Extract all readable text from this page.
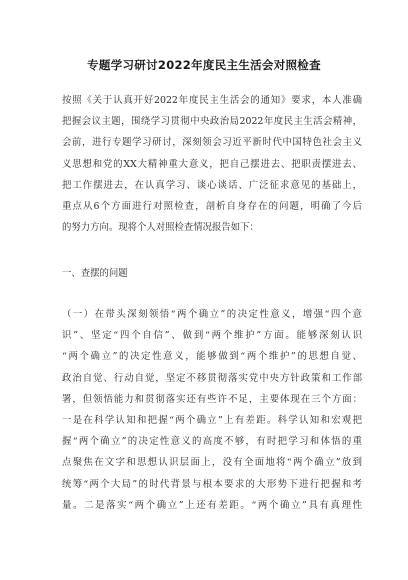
专题学习研讨2022年度民主生活会对照检查
按照《关于认真开好2022年度民主生活会的通知》要求，本人准确
把握会议主题，围绕学习贯彻中央政治局2022年度民主生活会精神，
会前，进行专题学习研讨，深刻领会习近平新时代中国特色社会主义
义思想和党的XX大精神重大意义，把自己摆进去、把职责摆进去、
把工作摆进去，在认真学习、谈心谈话、广泛征求意见的基础上，
重点从6个方面进行对照检查，剖析自身存在的问题，明确了今后
的努力方向。现将个人对照检查情况报告如下：

一、查摆的问题

（一）在带头深刻领悟“两个确立”的决定性意义，增强“四个意
识”、坚定“四个自信”、做到“两个维护”方面。能够深刻认识
“两个确立”的决定性意义，能够做到“两个维护”的思想自觉、
政治自觉、行动自觉，坚定不移贯彻落实党中央方针政策和工作部
署，但领悟能力和贯彻落实还有些许不足，主要体现在三个方面：
一是在科学认知和把握“两个确立”上有差距。科学认知和宏观把
握“两个确立”的决定性意义的高度不够，有时把学习和体悟的重
点聚焦在文字和思想认识层面上，没有全面地将“两个确立”放到
统筹“两个大局”的时代背景与根本要求的大形势下进行把握和考
量。二是落实“两个确立”上还有差距。“两个确立”具有真理性
